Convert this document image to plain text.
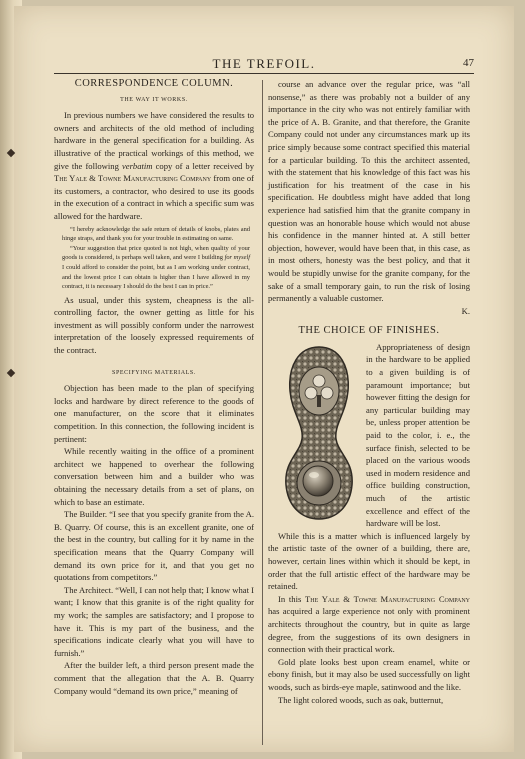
THE TREFOIL.	47
CORRESPONDENCE COLUMN.
THE WAY IT WORKS.

In previous numbers we have considered the results to owners and architects of the old method of including hardware in the general specification for a building. As illustrative of the practical workings of this method, we give the following verbatim copy of a letter received by The Yale & Towne Manufacturing Company from one of its customers, a contractor, who desired to use its goods in the execution of a contract in which a specific sum was allowed for the hardware.

“I hereby acknowledge the safe return of details of knobs, plates and hinge straps, and thank you for your trouble in estimating on same.

“Your suggestion that price quoted is not high, when quality of your goods is considered, is perhaps well taken, and were I building for myself I could afford to consider the point, but as I am working under contract, and the lowest price I can obtain is higher than I have allowed in my contract, it is necessary I should do the best I can in price.”

As usual, under this system, cheapness is the all-controlling factor, the owner getting as little for his investment as will possibly conform under the narrowest interpretation of the loosely expressed requirements of the contract.

SPECIFYING MATERIALS.

Objection has been made to the plan of specifying locks and hardware by direct reference to the goods of one manufacturer, on the score that it eliminates competition. In this connection, the following incident is pertinent:

While recently waiting in the office of a prominent architect we happened to overhear the following conversation between him and a builder who was obtaining the necessary details from a set of plans, on which to base an estimate.

The Builder. “I see that you specify granite from the A. B. Quarry. Of course, this is an excellent granite, one of the best in the country, but calling for it by name in the specification means that the Quarry Company will demand its own price for it, and that you get no quotations from competitors.”

The Architect. “Well, I can not help that; I know what I want; I know that this granite is of the right quality for my work; the samples are satisfactory; and I propose to have it. This is my part of the business, and the specifications indicate clearly what you will have to furnish.”

After the builder left, a third person present made the comment that the allegation that the A. B. Quarry Company would “demand its own price,” meaning of

course an advance over the regular price, was “all nonsense,” as there was probably not a builder of any importance in the city who was not entirely familiar with the price of A. B. Granite, and that therefore, the Granite Company could not under any circumstances mark up its price simply because some contract specified this material for a particular building. To this the architect assented, with the statement that his knowledge of this fact was his justification for his treatment of the case in his specification. He doubtless might have added that long experience had satisfied him that the granite company in question was an honorable house which would not abuse his confidence in the manner hinted at. A still better objection, however, would have been that, in this case, as in most others, honesty was the best policy, and that it would be stupidly unwise for the granite company, for the sake of a small temporary gain, to run the risk of losing permanently a valuable customer.

K.
THE CHOICE OF FINISHES.

Appropriateness of design in the hardware to be applied to a given building is of paramount importance; but however fitting the design for any particular building may be, unless proper attention be paid to the color, i. e., the surface finish, selected to be placed on the various woods used in modern residence and office building construction, much of the artistic excellence and effect of the hardware will be lost.

While this is a matter which is influenced largely by the artistic taste of the owner of a building, there are, however, certain lines within which it should be kept, in order that the full artistic effect of the hardware may be retained.

In this The Yale & Towne Manufacturing Company has acquired a large experience not only with prominent architects throughout the country, but in quite as large degree, from the suggestions of its own designers in connection with their practical work.

Gold plate looks best upon cream enamel, white or ebony finish, but it may also be used successfully on light woods, such as birds-eye maple, satinwood and the like.

The light colored woods, such as oak, butternut,
